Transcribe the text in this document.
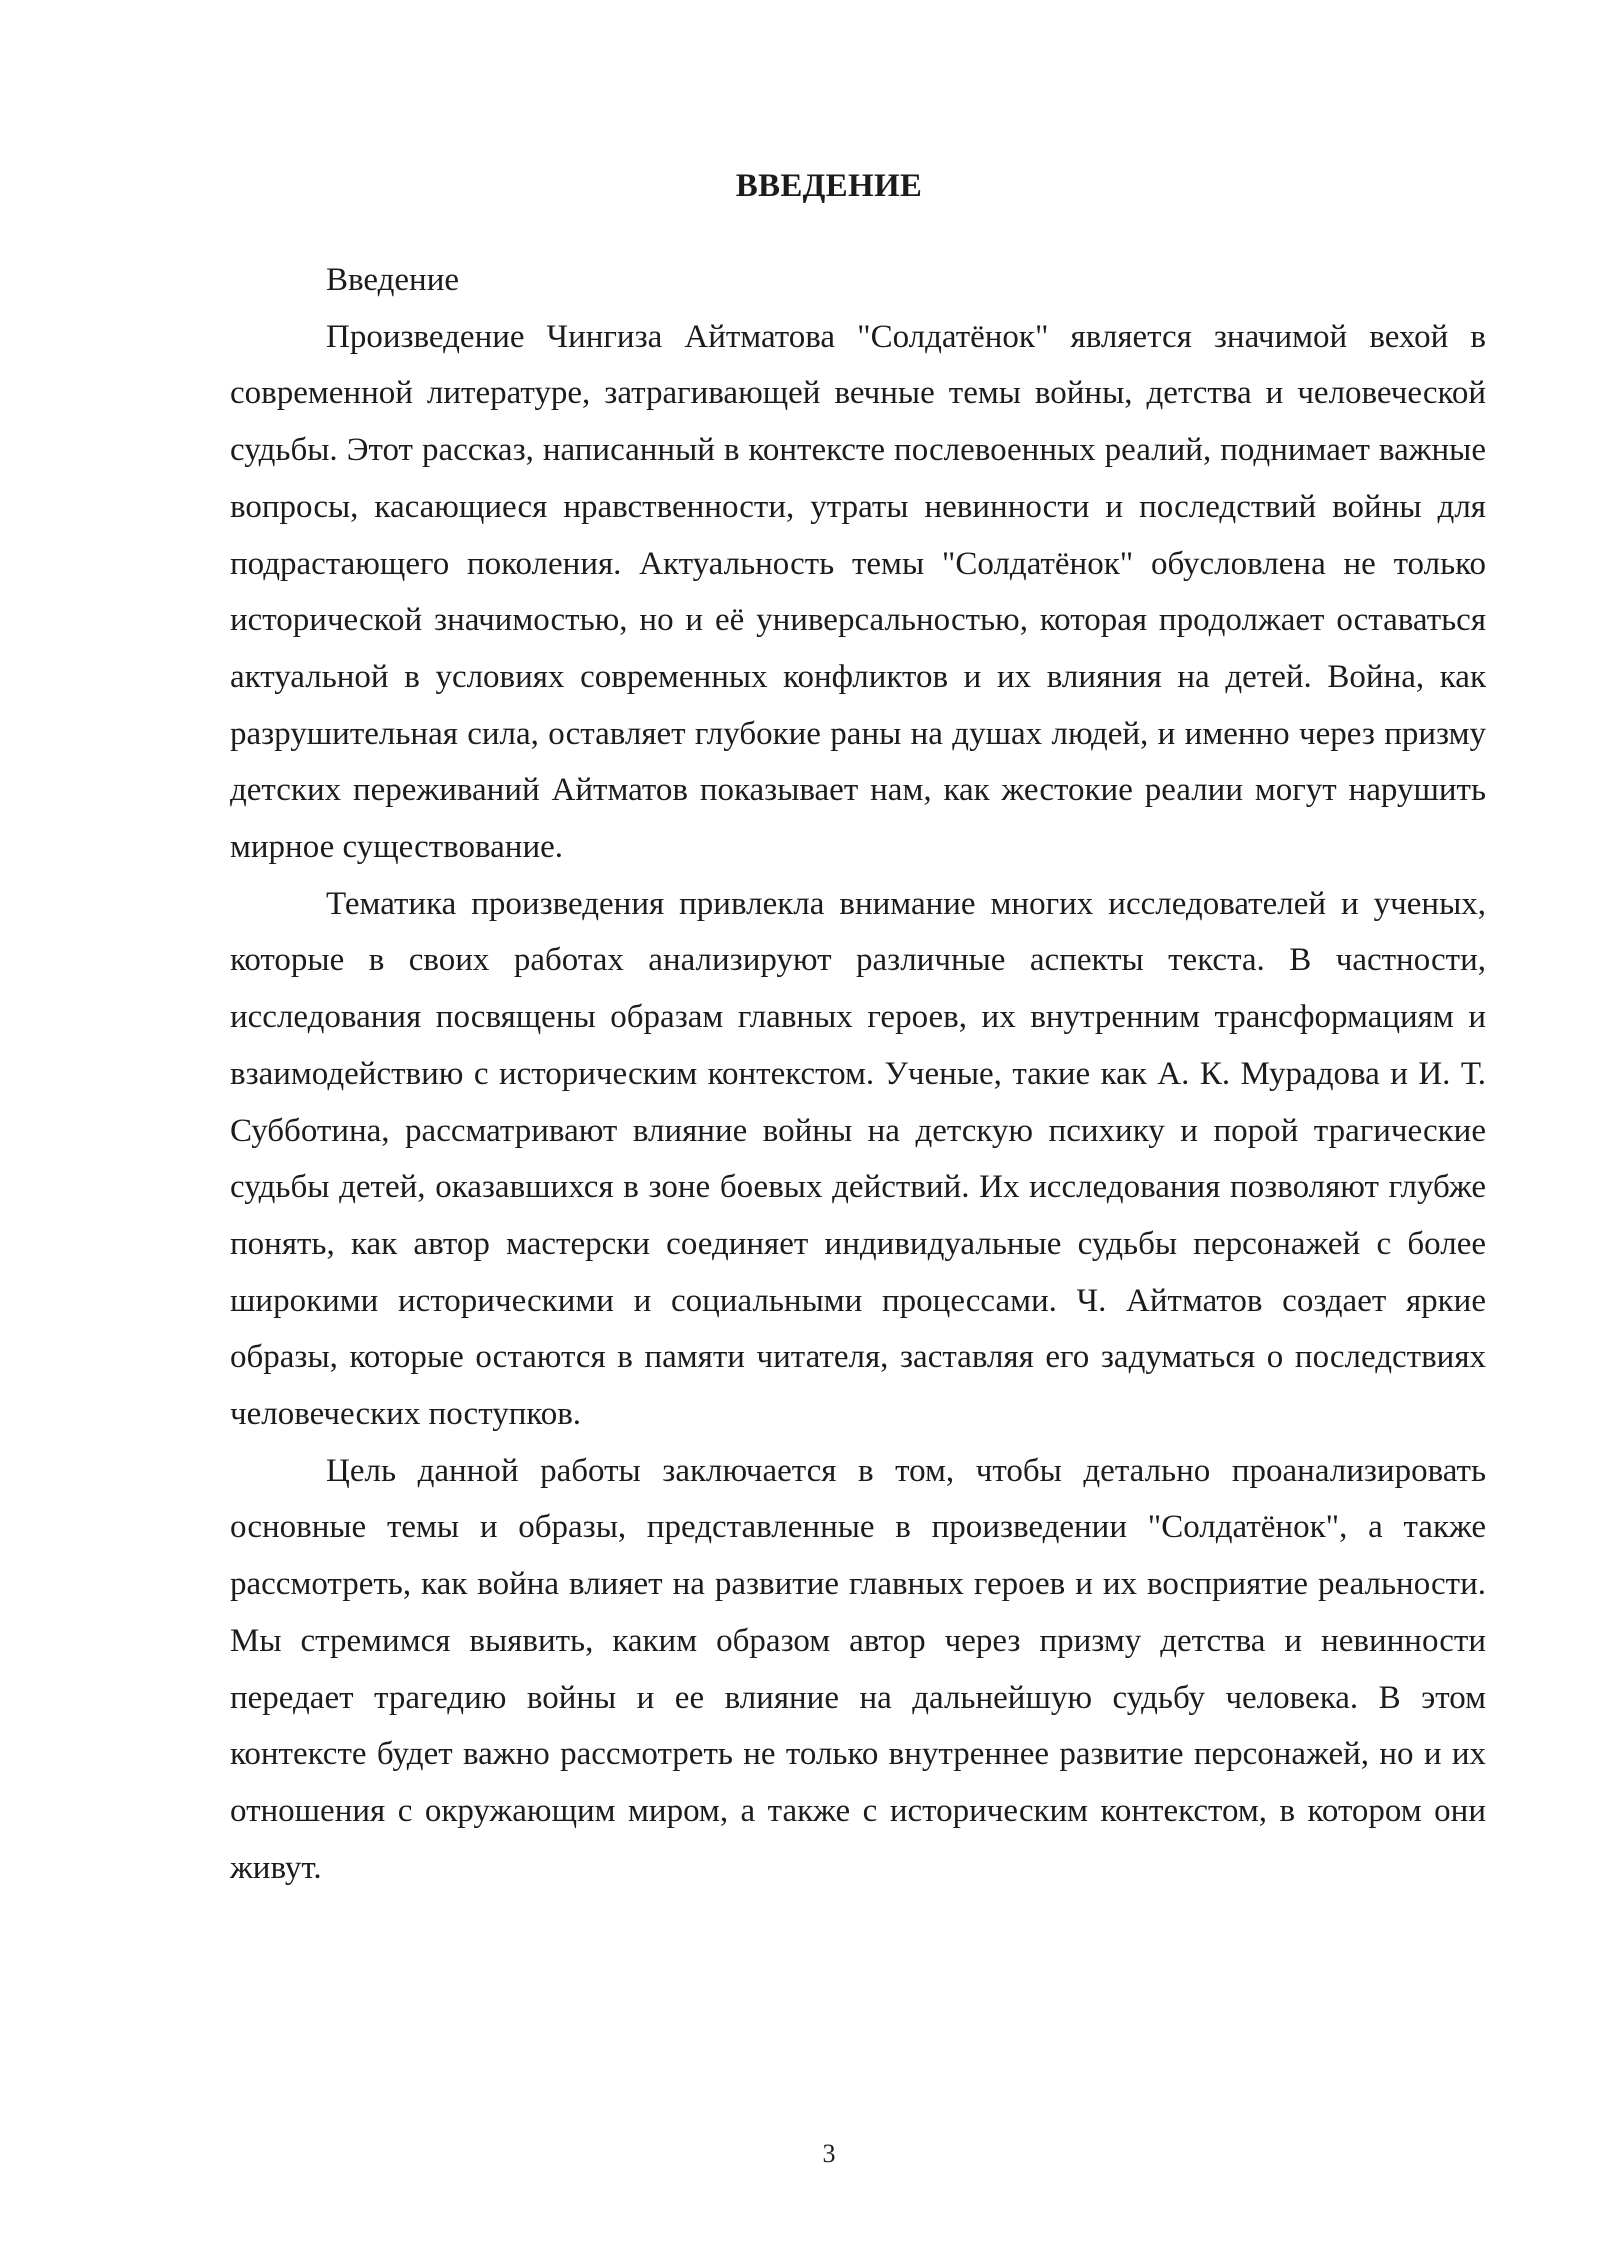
ВВЕДЕНИЕ

Введение

Произведение Чингиза Айтматова "Солдатёнок" является значимой вехой в современной литературе, затрагивающей вечные темы войны, детства и человеческой судьбы. Этот рассказ, написанный в контексте послевоенных реалий, поднимает важные вопросы, касающиеся нравственности, утраты невинности и последствий войны для подрастающего поколения. Актуальность темы "Солдатёнок" обусловлена не только исторической значимостью, но и её универсальностью, которая продолжает оставаться актуальной в условиях современных конфликтов и их влияния на детей. Война, как разрушительная сила, оставляет глубокие раны на душах людей, и именно через призму детских переживаний Айтматов показывает нам, как жестокие реалии могут нарушить мирное существование.

Тематика произведения привлекла внимание многих исследователей и ученых, которые в своих работах анализируют различные аспекты текста. В частности, исследования посвящены образам главных героев, их внутренним трансформациям и взаимодействию с историческим контекстом. Ученые, такие как А. К. Мурадова и И. Т. Субботина, рассматривают влияние войны на детскую психику и порой трагические судьбы детей, оказавшихся в зоне боевых действий. Их исследования позволяют глубже понять, как автор мастерски соединяет индивидуальные судьбы персонажей с более широкими историческими и социальными процессами. Ч. Айтматов создает яркие образы, которые остаются в памяти читателя, заставляя его задуматься о последствиях человеческих поступков.

Цель данной работы заключается в том, чтобы детально проанализировать основные темы и образы, представленные в произведении "Солдатёнок", а также рассмотреть, как война влияет на развитие главных героев и их восприятие реальности. Мы стремимся выявить, каким образом автор через призму детства и невинности передает трагедию войны и ее влияние на дальнейшую судьбу человека. В этом контексте будет важно рассмотреть не только внутреннее развитие персонажей, но и их отношения с окружающим миром, а также с историческим контекстом, в котором они живут.

3
